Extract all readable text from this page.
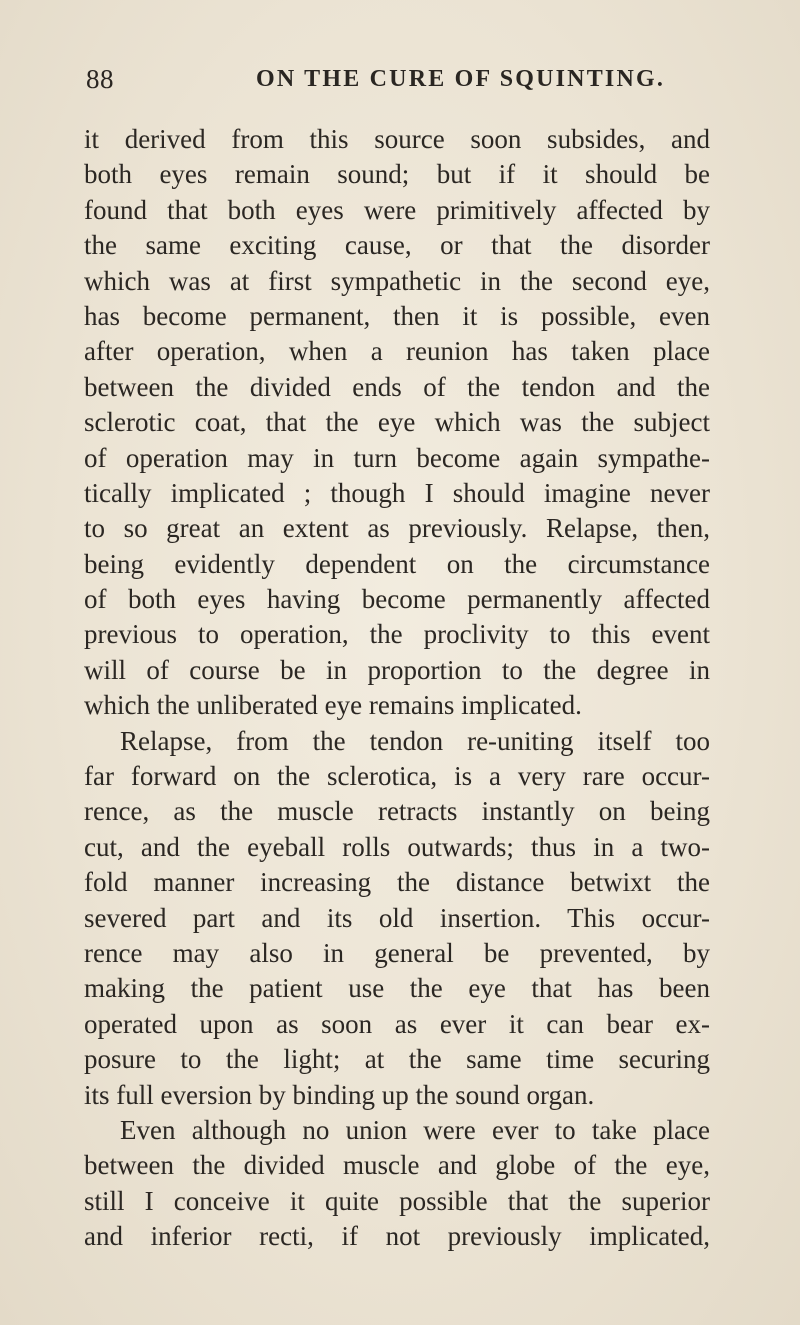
88	ON THE CURE OF SQUINTING.
it derived from this source soon subsides, and
both eyes remain sound; but if it should be
found that both eyes were primitively affected by
the same exciting cause, or that the disorder
which was at first sympathetic in the second eye,
has become permanent, then it is possible, even
after operation, when a reunion has taken place
between the divided ends of the tendon and the
sclerotic coat, that the eye which was the subject
of operation may in turn become again sympathe-
tically implicated ; though I should imagine never
to so great an extent as previously. Relapse, then,
being evidently dependent on the circumstance
of both eyes having become permanently affected
previous to operation, the proclivity to this event
will of course be in proportion to the degree in
which the unliberated eye remains implicated.
Relapse, from the tendon re-uniting itself too
far forward on the sclerotica, is a very rare occur-
rence, as the muscle retracts instantly on being
cut, and the eyeball rolls outwards; thus in a two-
fold manner increasing the distance betwixt the
severed part and its old insertion. This occur-
rence may also in general be prevented, by
making the patient use the eye that has been
operated upon as soon as ever it can bear ex-
posure to the light; at the same time securing
its full eversion by binding up the sound organ.
Even although no union were ever to take place
between the divided muscle and globe of the eye,
still I conceive it quite possible that the superior
and inferior recti, if not previously implicated,
